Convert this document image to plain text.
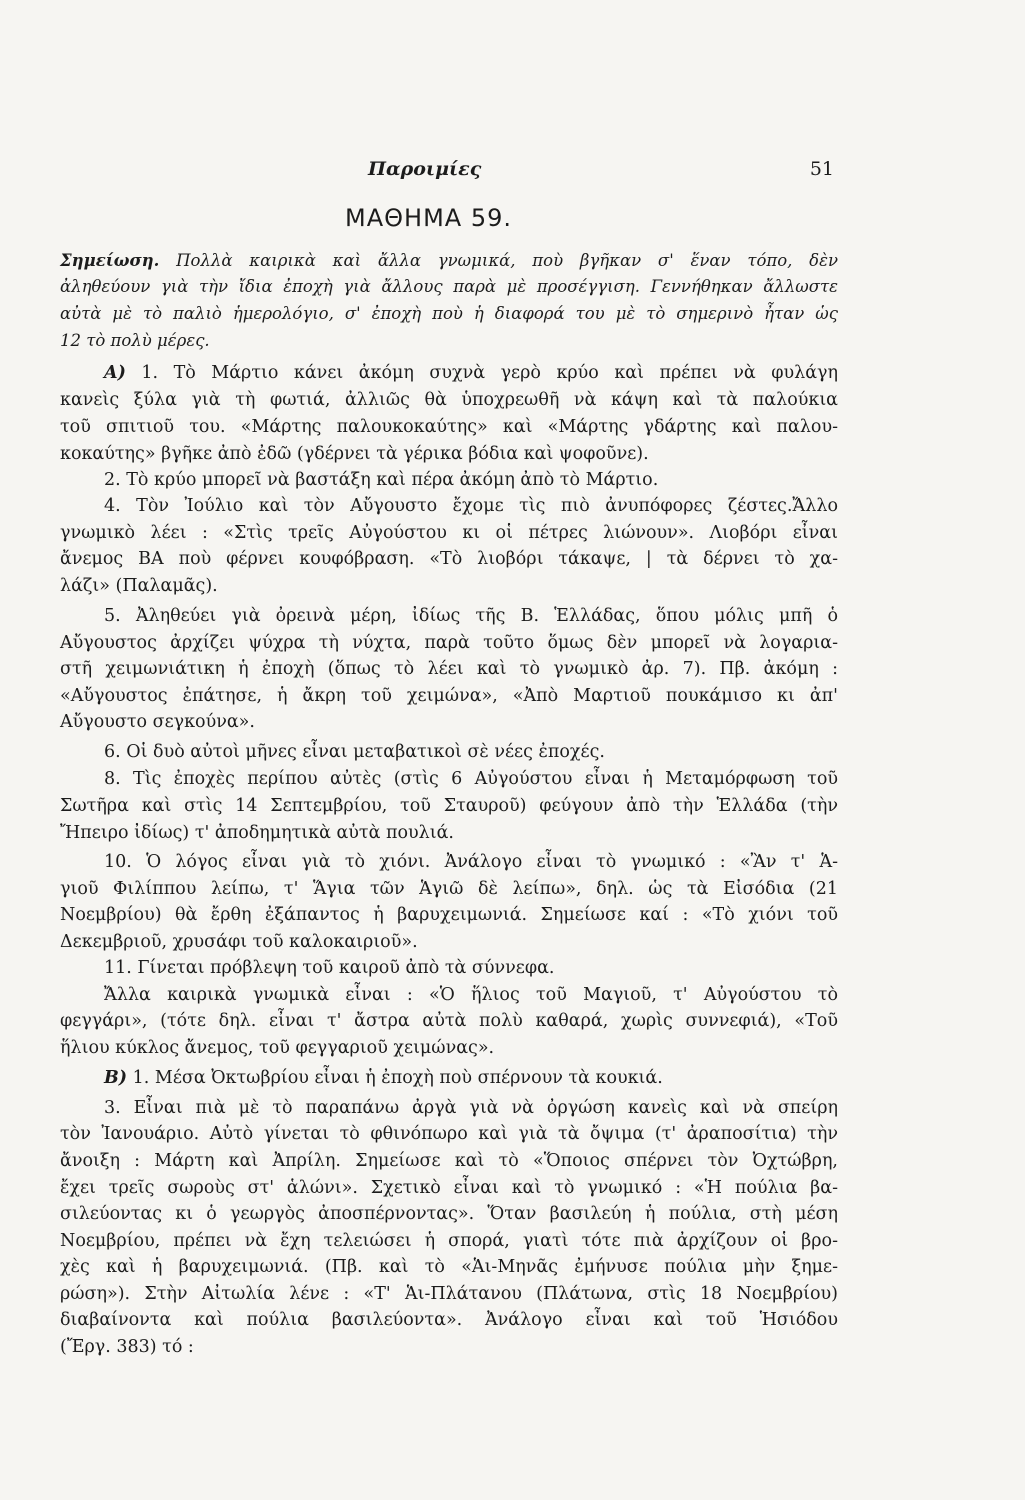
Παροιμίες	51
ΜΑΘΗΜΑ 59.
Σημείωση. Πολλὰ καιρικὰ καὶ ἄλλα γνωμικά, ποὺ βγῆκαν σ' ἕναν τόπο, δὲν
ἀληθεύουν γιὰ τὴν ἴδια ἐποχὴ γιὰ ἄλλους παρὰ μὲ προσέγγιση. Γεννήθηκαν ἄλλωστε
αὐτὰ μὲ τὸ παλιὸ ἡμερολόγιο, σ' ἐποχὴ ποὺ ἡ διαφορά του μὲ τὸ σημερινὸ ἦταν ὡς
12 τὸ πολὺ μέρες.
Α) 1. Τὸ Μάρτιο κάνει ἀκόμη συχνὰ γερὸ κρύο καὶ πρέπει νὰ φυλάγη
κανεὶς ξύλα γιὰ τὴ φωτιά, ἀλλιῶς θὰ ὑποχρεωθῆ νὰ κάψη καὶ τὰ παλούκια
τοῦ σπιτιοῦ του. «Μάρτης παλουκοκαύτης» καὶ «Μάρτης γδάρτης καὶ παλου-
κοκαύτης» βγῆκε ἀπὸ ἐδῶ (γδέρνει τὰ γέρικα βόδια καὶ ψοφοῦνε).
2. Τὸ κρύο μπορεῖ νὰ βαστάξη καὶ πέρα ἀκόμη ἀπὸ τὸ Μάρτιο.
4. Τὸν Ἰούλιο καὶ τὸν Αὔγουστο ἔχομε τὶς πιὸ ἀνυπόφορες ζέστες.Ἄλλο
γνωμικὸ λέει : «Στὶς τρεῖς Αὐγούστου κι οἱ πέτρες λιώνουν». Λιοβόρι εἶναι
ἄνεμος ΒΑ ποὺ φέρνει κουφόβραση. «Τὸ λιοβόρι τάκαψε, | τὰ δέρνει τὸ χα-
λάζι» (Παλαμᾶς).
5. Ἀληθεύει γιὰ ὀρεινὰ μέρη, ἰδίως τῆς Β. Ἑλλάδας, ὅπου μόλις μπῆ ὁ
Αὔγουστος ἀρχίζει ψύχρα τὴ νύχτα, παρὰ τοῦτο ὅμως δὲν μπορεῖ νὰ λογαρια-
στῆ χειμωνιάτικη ἡ ἐποχὴ (ὅπως τὸ λέει καὶ τὸ γνωμικὸ ἀρ. 7). Πβ. ἀκόμη :
«Αὔγουστος ἐπάτησε, ἡ ἄκρη τοῦ χειμώνα», «Ἀπὸ Μαρτιοῦ πουκάμισο κι ἀπ'
Αὔγουστο σεγκούνα».
6. Οἱ δυὸ αὐτοὶ μῆνες εἶναι μεταβατικοὶ σὲ νέες ἐποχές.
8. Τὶς ἐποχὲς περίπου αὐτὲς (στὶς 6 Αὐγούστου εἶναι ἡ Μεταμόρφωση τοῦ
Σωτῆρα καὶ στὶς 14 Σεπτεμβρίου, τοῦ Σταυροῦ) φεύγουν ἀπὸ τὴν Ἑλλάδα (τὴν
Ἤπειρο ἰδίως) τ' ἀποδημητικὰ αὐτὰ πουλιά.
10. Ὁ λόγος εἶναι γιὰ τὸ χιόνι. Ἀνάλογο εἶναι τὸ γνωμικό : «Ἂν τ' Ἁ-
γιοῦ Φιλίππου λείπω, τ' Ἅγια τῶν Ἁγιῶ δὲ λείπω», δηλ. ὡς τὰ Εἰσόδια (21
Νοεμβρίου) θὰ ἔρθη ἐξάπαντος ἡ βαρυχειμωνιά. Σημείωσε καί : «Τὸ χιόνι τοῦ
Δεκεμβριοῦ, χρυσάφι τοῦ καλοκαιριοῦ».
11. Γίνεται πρόβλεψη τοῦ καιροῦ ἀπὸ τὰ σύννεφα.
Ἄλλα καιρικὰ γνωμικὰ εἶναι : «Ὁ ἥλιος τοῦ Μαγιοῦ, τ' Αὐγούστου τὸ
φεγγάρι», (τότε δηλ. εἶναι τ' ἄστρα αὐτὰ πολὺ καθαρά, χωρὶς συννεφιά), «Τοῦ
ἥλιου κύκλος ἄνεμος, τοῦ φεγγαριοῦ χειμώνας».
Β) 1. Μέσα Ὀκτωβρίου εἶναι ἡ ἐποχὴ ποὺ σπέρνουν τὰ κουκιά.
3. Εἶναι πιὰ μὲ τὸ παραπάνω ἀργὰ γιὰ νὰ ὀργώση κανεὶς καὶ νὰ σπείρη
τὸν Ἰανουάριο. Αὐτὸ γίνεται τὸ φθινόπωρο καὶ γιὰ τὰ ὄψιμα (τ' ἀραποσίτια) τὴν
ἄνοιξη : Μάρτη καὶ Ἀπρίλη. Σημείωσε καὶ τὸ «Ὅποιος σπέρνει τὸν Ὀχτώβρη,
ἔχει τρεῖς σωροὺς στ' ἁλώνι». Σχετικὸ εἶναι καὶ τὸ γνωμικό : «Ἡ πούλια βα-
σιλεύοντας κι ὁ γεωργὸς ἀποσπέρνοντας». Ὅταν βασιλεύη ἡ πούλια, στὴ μέση
Νοεμβρίου, πρέπει νὰ ἔχη τελειώσει ἡ σπορά, γιατὶ τότε πιὰ ἀρχίζουν οἱ βρο-
χὲς καὶ ἡ βαρυχειμωνιά. (Πβ. καὶ τὸ «Ἁι-Μηνᾶς ἐμήνυσε πούλια μὴν ξημε-
ρώση»). Στὴν Αἰτωλία λένε : «Τ' Ἁι-Πλάτανου (Πλάτωνα, στὶς 18 Νοεμβρίου)
διαβαίνοντα καὶ πούλια βασιλεύοντα». Ἀνάλογο εἶναι καὶ τοῦ Ἡσιόδου
(Ἔργ. 383) τό :
